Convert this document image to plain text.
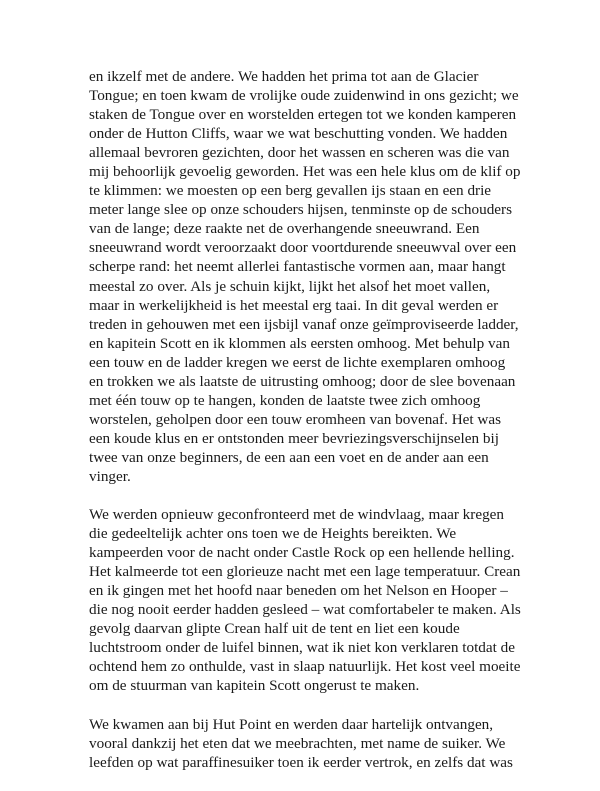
en ikzelf met de andere. We hadden het prima tot aan de Glacier
Tongue; en toen kwam de vrolijke oude zuidenwind in ons gezicht; we
staken de Tongue over en worstelden ertegen tot we konden kamperen
onder de Hutton Cliffs, waar we wat beschutting vonden. We hadden
allemaal bevroren gezichten, door het wassen en scheren was die van
mij behoorlijk gevoelig geworden. Het was een hele klus om de klif op
te klimmen: we moesten op een berg gevallen ijs staan en een drie
meter lange slee op onze schouders hijsen, tenminste op de schouders
van de lange; deze raakte net de overhangende sneeuwrand. Een
sneeuwrand wordt veroorzaakt door voortdurende sneeuwval over een
scherpe rand: het neemt allerlei fantastische vormen aan, maar hangt
meestal zo over. Als je schuin kijkt, lijkt het alsof het moet vallen,
maar in werkelijkheid is het meestal erg taai. In dit geval werden er
treden in gehouwen met een ijsbijl vanaf onze geïmproviseerde ladder,
en kapitein Scott en ik klommen als eersten omhoog. Met behulp van
een touw en de ladder kregen we eerst de lichte exemplaren omhoog
en trokken we als laatste de uitrusting omhoog; door de slee bovenaan
met één touw op te hangen, konden de laatste twee zich omhoog
worstelen, geholpen door een touw eromheen van bovenaf. Het was
een koude klus en er ontstonden meer bevriezingsverschijnselen bij
twee van onze beginners, de een aan een voet en de ander aan een
vinger.

We werden opnieuw geconfronteerd met de windvlaag, maar kregen
die gedeeltelijk achter ons toen we de Heights bereikten. We
kampeerden voor de nacht onder Castle Rock op een hellende helling.
Het kalmeerde tot een glorieuze nacht met een lage temperatuur. Crean
en ik gingen met het hoofd naar beneden om het Nelson en Hooper –
die nog nooit eerder hadden gesleed – wat comfortabeler te maken. Als
gevolg daarvan glipte Crean half uit de tent en liet een koude
luchtstroom onder de luifel binnen, wat ik niet kon verklaren totdat de
ochtend hem zo onthulde, vast in slaap natuurlijk. Het kost veel moeite
om de stuurman van kapitein Scott ongerust te maken.

We kwamen aan bij Hut Point en werden daar hartelijk ontvangen,
vooral dankzij het eten dat we meebrachten, met name de suiker. We
leefden op wat paraffinesuiker toen ik eerder vertrok, en zelfs dat was
